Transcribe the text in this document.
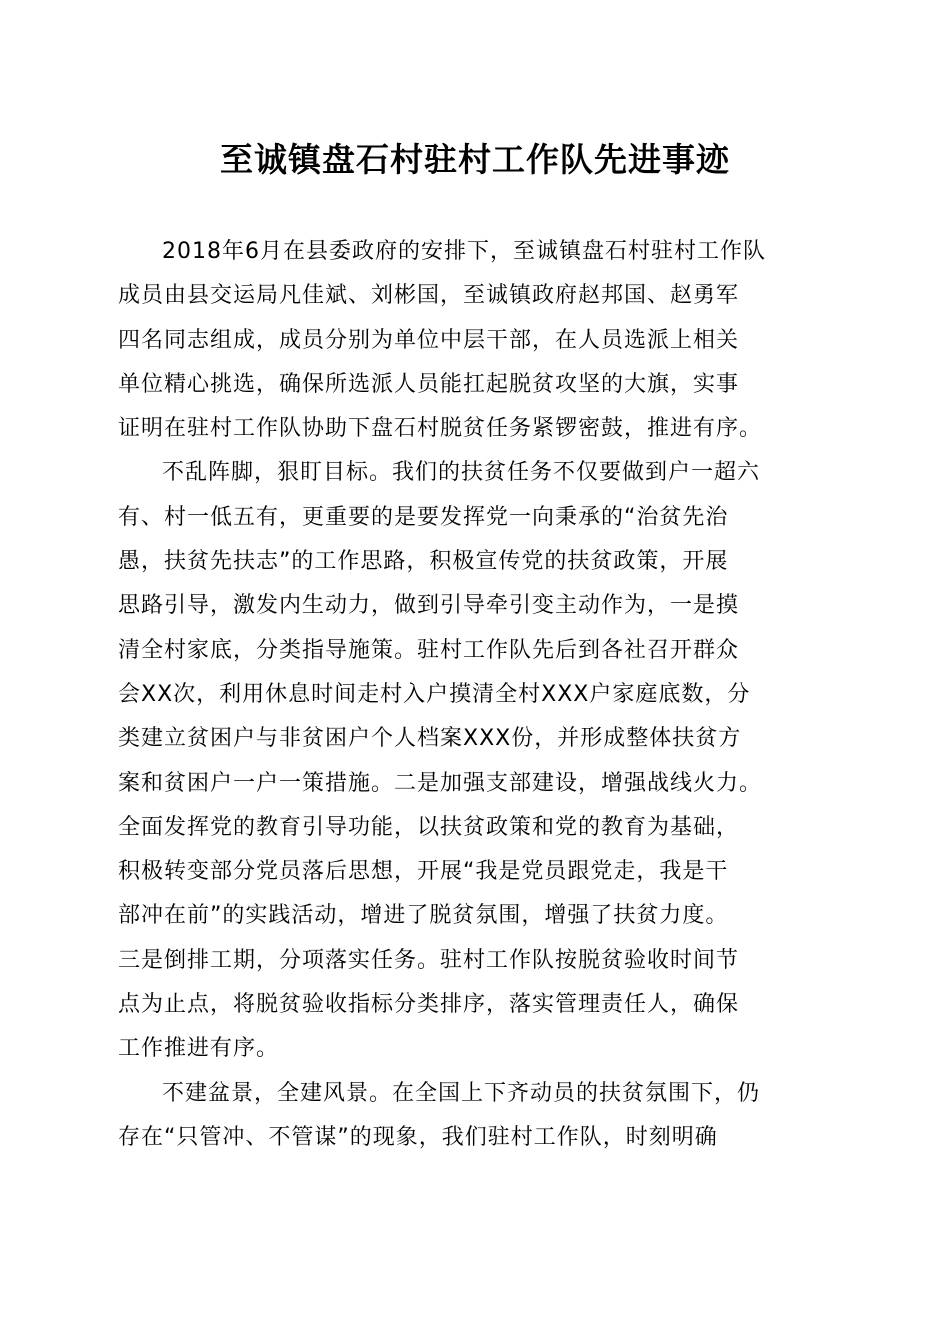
至诚镇盘石村驻村工作队先进事迹

2018年6月在县委政府的安排下，至诚镇盘石村驻村工作队

成员由县交运局凡佳斌、刘彬国，至诚镇政府赵邦国、赵勇军

四名同志组成，成员分别为单位中层干部，在人员选派上相关

单位精心挑选，确保所选派人员能扛起脱贫攻坚的大旗，实事

证明在驻村工作队协助下盘石村脱贫任务紧锣密鼓，推进有序。

不乱阵脚，狠盯目标。我们的扶贫任务不仅要做到户一超六

有、村一低五有，更重要的是要发挥党一向秉承的“治贫先治

愚，扶贫先扶志”的工作思路，积极宣传党的扶贫政策，开展

思路引导，激发内生动力，做到引导牵引变主动作为，一是摸

清全村家底，分类指导施策。驻村工作队先后到各社召开群众

会XX次，利用休息时间走村入户摸清全村XXX户家庭底数，分

类建立贫困户与非贫困户个人档案XXX份，并形成整体扶贫方

案和贫困户一户一策措施。二是加强支部建设，增强战线火力。

全面发挥党的教育引导功能，以扶贫政策和党的教育为基础，

积极转变部分党员落后思想，开展“我是党员跟党走，我是干

部冲在前”的实践活动，增进了脱贫氛围，增强了扶贫力度。

三是倒排工期，分项落实任务。驻村工作队按脱贫验收时间节

点为止点，将脱贫验收指标分类排序，落实管理责任人，确保

工作推进有序。

不建盆景，全建风景。在全国上下齐动员的扶贫氛围下，仍

存在“只管冲、不管谋”的现象，我们驻村工作队，时刻明确
